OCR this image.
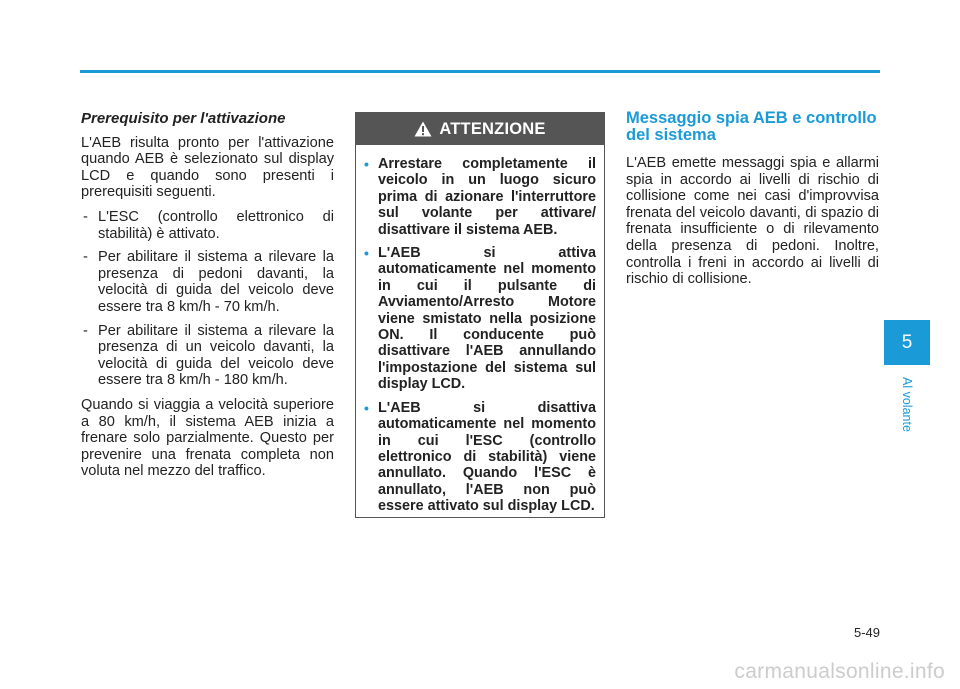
Prerequisito per l'attivazione

L'AEB risulta pronto per l'attivazione quando AEB è selezionato sul display LCD e quando sono presenti i prerequisiti seguenti.

- L'ESC (controllo elettronico di stabilità) è attivato.
- Per abilitare il sistema a rilevare la presenza di pedoni davanti, la velocità di guida del veicolo deve essere tra 8 km/h - 70 km/h.
- Per abilitare il sistema a rilevare la presenza di un veicolo davanti, la velocità di guida del veicolo deve essere tra 8 km/h - 180 km/h.

Quando si viaggia a velocità superiore a 80 km/h, il sistema AEB inizia a frenare solo parzialmente. Questo per prevenire una frenata completa non voluta nel mezzo del traffico.

ATTENZIONE
• Arrestare completamente il veicolo in un luogo sicuro prima di azionare l'interruttore sul volante per attivare/ disattivare il sistema AEB.
• L'AEB si attiva automaticamente nel momento in cui il pulsante di Avviamento/Arresto Motore viene smistato nella posizione ON. Il conducente può disattivare l'AEB annullando l'impostazione del sistema sul display LCD.
• L'AEB si disattiva automaticamente nel momento in cui l'ESC (controllo elettronico di stabilità) viene annullato. Quando l'ESC è annullato, l'AEB non può essere attivato sul display LCD.
Messaggio spia AEB e controllo del sistema

L'AEB emette messaggi spia e allarmi spia in accordo ai livelli di rischio di collisione come nei casi d'improvvisa frenata del veicolo davanti, di spazio di frenata insufficiente o di rilevamento della presenza di pedoni. Inoltre, controlla i freni in accordo ai livelli di rischio di collisione.

5
Al volante
5-49
carmanualsonline.info
